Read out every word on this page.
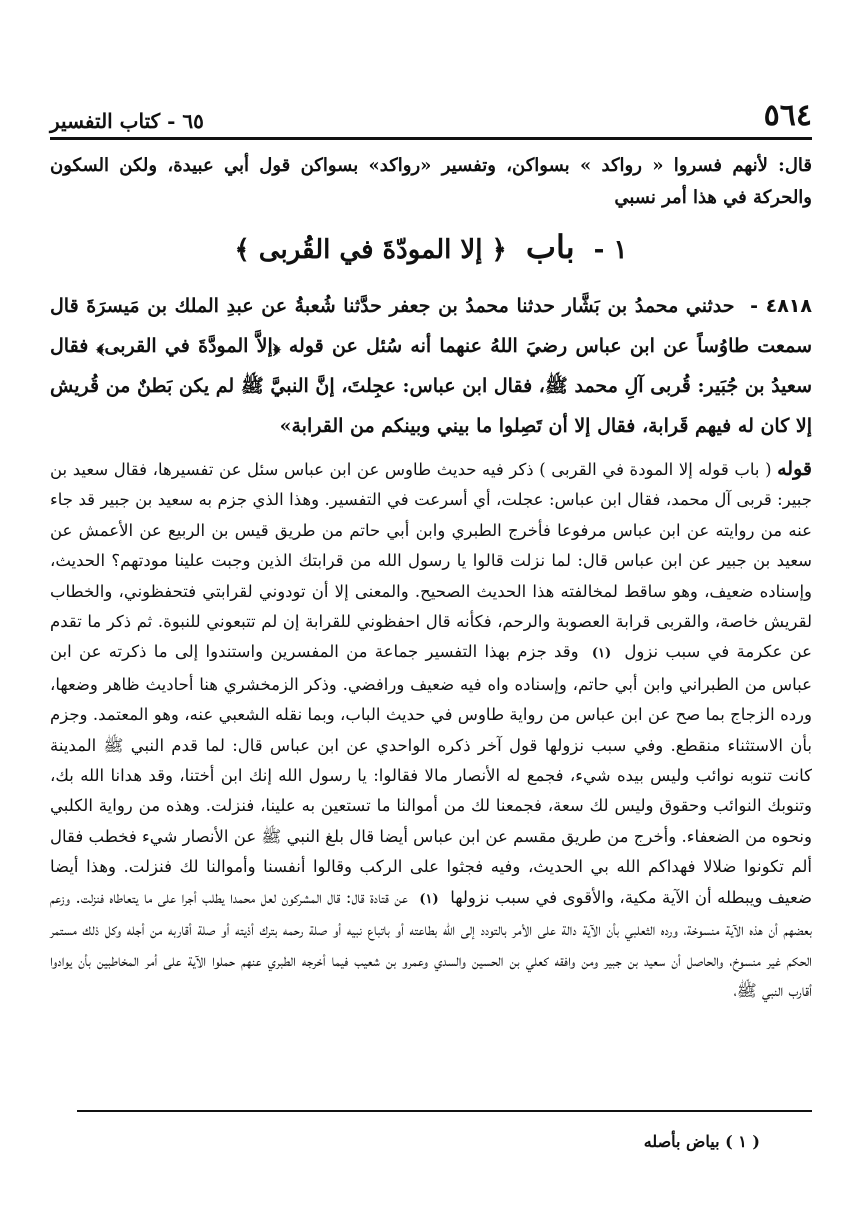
٥٦٤
٦٥ - كتاب التفسير

قال: لأنهم فسروا « رواكد » بسواكن، وتفسير «رواكد» بسواكن قول أبي عبيدة، ولكن السكون والحركة في هذا أمر نسبي

١ - باب ﴿ إلا المودّةَ في القُربى ﴾

٤٨١٨ - حدثني محمدُ بن بَشَّار حدثنا محمدُ بن جعفر حدَّثنا شُعبةُ عن عبدِ الملك بن مَيسرَةَ قال سمعت طاوُساً عن ابن عباس رضيَ اللهُ عنهما أنه سُئل عن قوله ﴿إلاَّ المودَّةَ في القربى﴾ فقال سعيدُ بن جُبَير: قُربى آلِ محمد ﷺ، فقال ابن عباس: عجِلتَ، إنَّ النبيَّ ﷺ لم يكن بَطنٌ من قُريش إلا كان له فيهم قَرابة، فقال إلا أن تَصِلوا ما بيني وبينكم من القرابة»

قوله ( باب قوله إلا المودة في القربى ) ذكر فيه حديث طاوس عن ابن عباس سئل عن تفسيرها، فقال سعيد بن جبير: قربى آل محمد، فقال ابن عباس: عجلت، أي أسرعت في التفسير. وهذا الذي جزم به سعيد بن جبير قد جاء عنه من روايته عن ابن عباس مرفوعا فأخرج الطبري وابن أبي حاتم من طريق قيس بن الربيع عن الأعمش عن سعيد بن جبير عن ابن عباس قال: لما نزلت قالوا يا رسول الله من قرابتك الذين وجبت علينا مودتهم؟ الحديث، وإسناده ضعيف، وهو ساقط لمخالفته هذا الحديث الصحيح. والمعنى إلا أن تودوني لقرابتي فتحفظوني، والخطاب لقريش خاصة، والقربى قرابة العصوبة والرحم، فكأنه قال احفظوني للقرابة إن لم تتبعوني للنبوة. ثم ذكر ما تقدم عن عكرمة في سبب نزول (١) وقد جزم بهذا التفسير جماعة من المفسرين واستندوا إلى ما ذكرته عن ابن عباس من الطبراني وابن أبي حاتم، وإسناده واه فيه ضعيف ورافضي. وذكر الزمخشري هنا أحاديث ظاهر وضعها، ورده الزجاج بما صح عن ابن عباس من رواية طاوس في حديث الباب، وبما نقله الشعبي عنه، وهو المعتمد. وجزم بأن الاستثناء منقطع. وفي سبب نزولها قول آخر ذكره الواحدي عن ابن عباس قال: لما قدم النبي ﷺ المدينة كانت تنوبه نوائب وليس بيده شيء، فجمع له الأنصار مالا فقالوا: يا رسول الله إنك ابن أختنا، وقد هدانا الله بك، وتنوبك النوائب وحقوق وليس لك سعة، فجمعنا لك من أموالنا ما تستعين به علينا، فنزلت. وهذه من رواية الكلبي ونحوه من الضعفاء. وأخرج من طريق مقسم عن ابن عباس أيضا قال بلغ النبي ﷺ عن الأنصار شيء فخطب فقال ألم تكونوا ضلالا فهداكم الله بي الحديث، وفيه فجثوا على الركب وقالوا أنفسنا وأموالنا لك فنزلت. وهذا أيضا ضعيف ويبطله أن الآية مكية، والأقوى في سبب نزولها (١) عن قتادة قال: قال المشركون لعل محمدا يطلب أجرا على ما يتعاطاه فنزلت. وزعم بعضهم أن هذه الآية منسوخة، ورده الثعلبي بأن الآية دالة على الأمر بالتودد إلى الله بطاعته أو باتباع نبيه أو صلة رحمه بترك أذيته أو صلة أقاربه من أجله وكل ذلك مستمر الحكم غير منسوخ، والحاصل أن سعيد بن جبير ومن وافقه كعلي بن الحسين والسدي وعمرو بن شعيب فيما أخرجه الطبري عنهم حملوا الآية على أمر المخاطبين بأن يوادوا أقارب النبي ﷺ،

( ١ ) بياض بأصله
